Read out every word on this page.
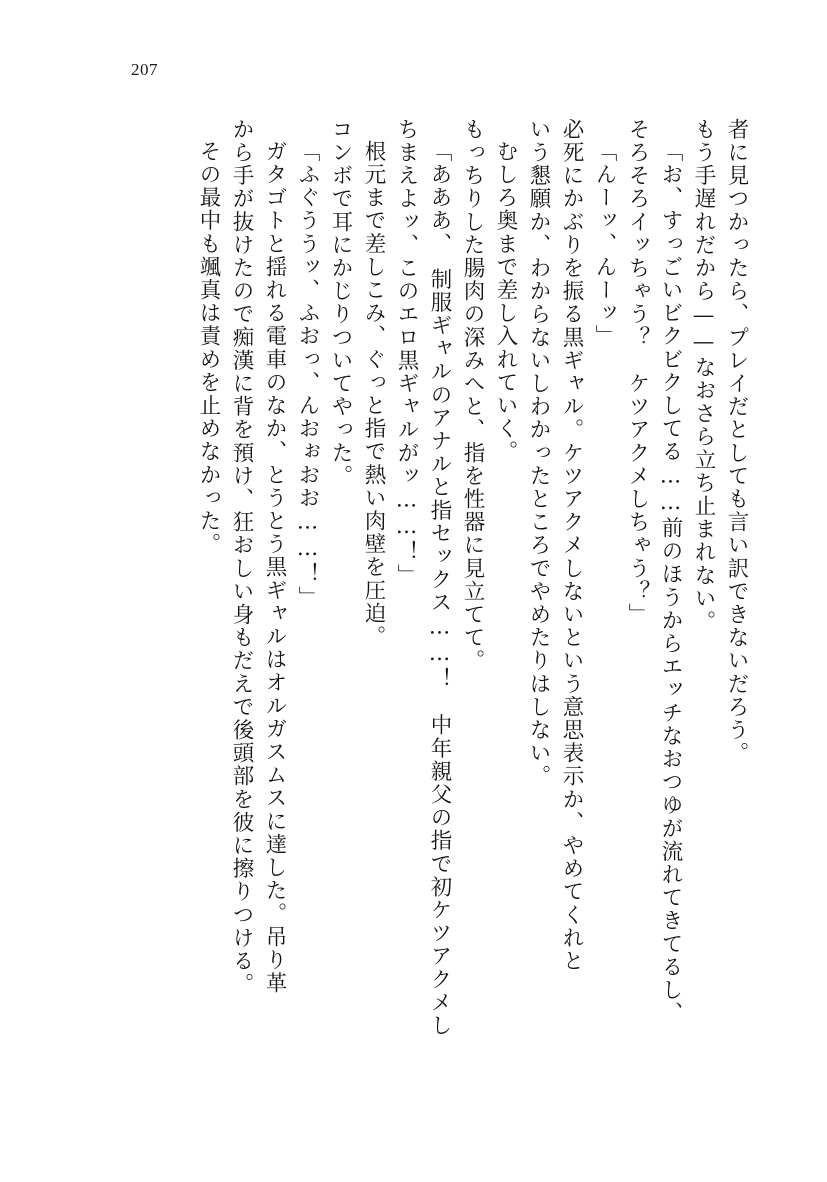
207
者に見つかったら、プレイだとしても言い訳できないだろう。
もう手遅れだから——なおさら立ち止まれない。
「お、すっごいビクビクしてる……前のほうからエッチなおつゆが流れてきてるし、
そろそろイッちゃう？　ケツアクメしちゃう？」
「んーッ、んーッ」
必死にかぶりを振る黒ギャル。ケツアクメしないという意思表示か、やめてくれと
いう懇願か、わからないしわかったところでやめたりはしない。
むしろ奥まで差し入れていく。
もっちりした腸肉の深みへと、指を性器に見立てて。
「あああ、　制服ギャルのアナルと指セックス……！　中年親父の指で初ケツアクメし
ちまえよッ、このエロ黒ギャルがッ……！」
根元まで差しこみ、ぐっと指で熱い肉壁を圧迫。
コンボで耳にかじりついてやった。
「ふぐううッ、ふおっ、んおぉおお……！」
ガタゴトと揺れる電車のなか、とうとう黒ギャルはオルガスムスに達した。吊り革
から手が抜けたので痴漢に背を預け、狂おしい身もだえで後頭部を彼に擦りつける。
その最中も颯真は責めを止めなかった。
